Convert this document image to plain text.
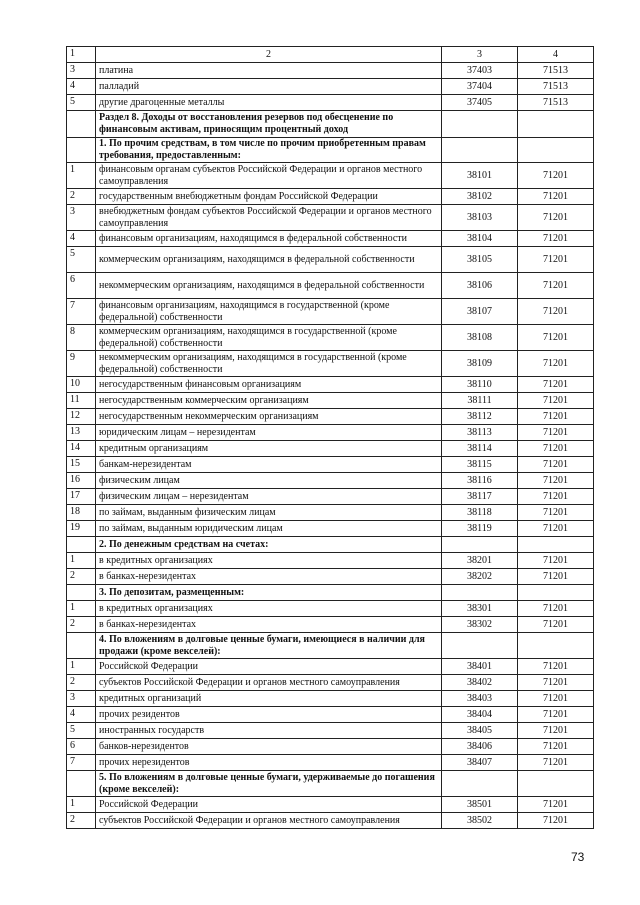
1	2	3	4
3	платина	37403	71513
4	палладий	37404	71513
5	другие драгоценные металлы	37405	71513
	Раздел 8. Доходы от восстановления резервов под обесценение по финансовым активам, приносящим процентный доход		
	1. По прочим средствам, в том числе по прочим приобретенным правам требования, предоставленным:		
1	финансовым органам субъектов Российской Федерации и органов местного самоуправления	38101	71201
2	государственным внебюджетным фондам Российской Федерации	38102	71201
3	внебюджетным фондам субъектов Российской Федерации и органов местного самоуправления	38103	71201
4	финансовым организациям, находящимся в федеральной собственности	38104	71201
5	коммерческим организациям, находящимся в федеральной собственности	38105	71201
6	некоммерческим организациям, находящимся в федеральной собственности	38106	71201
7	финансовым организациям, находящимся в государственной (кроме федеральной) собственности	38107	71201
8	коммерческим организациям, находящимся в государственной (кроме федеральной) собственности	38108	71201
9	некоммерческим организациям, находящимся в государственной (кроме федеральной) собственности	38109	71201
10	негосударственным финансовым организациям	38110	71201
11	негосударственным коммерческим организациям	38111	71201
12	негосударственным некоммерческим организациям	38112	71201
13	юридическим лицам – нерезидентам	38113	71201
14	кредитным организациям	38114	71201
15	банкам-нерезидентам	38115	71201
16	физическим лицам	38116	71201
17	физическим лицам – нерезидентам	38117	71201
18	по займам, выданным физическим лицам	38118	71201
19	по займам, выданным юридическим лицам	38119	71201
	2. По денежным средствам на счетах:		
1	в кредитных организациях	38201	71201
2	в банках-нерезидентах	38202	71201
	3. По депозитам, размещенным:		
1	в кредитных организациях	38301	71201
2	в банках-нерезидентах	38302	71201
	4. По вложениям в долговые ценные бумаги, имеющиеся в наличии для продажи (кроме векселей):		
1	Российской Федерации	38401	71201
2	субъектов Российской Федерации и органов местного самоуправления	38402	71201
3	кредитных организаций	38403	71201
4	прочих резидентов	38404	71201
5	иностранных государств	38405	71201
6	банков-нерезидентов	38406	71201
7	прочих нерезидентов	38407	71201
	5. По вложениям в долговые ценные бумаги, удерживаемые до погашения (кроме векселей):		
1	Российской Федерации	38501	71201
2	субъектов Российской Федерации и органов местного самоуправления	38502	71201
73
